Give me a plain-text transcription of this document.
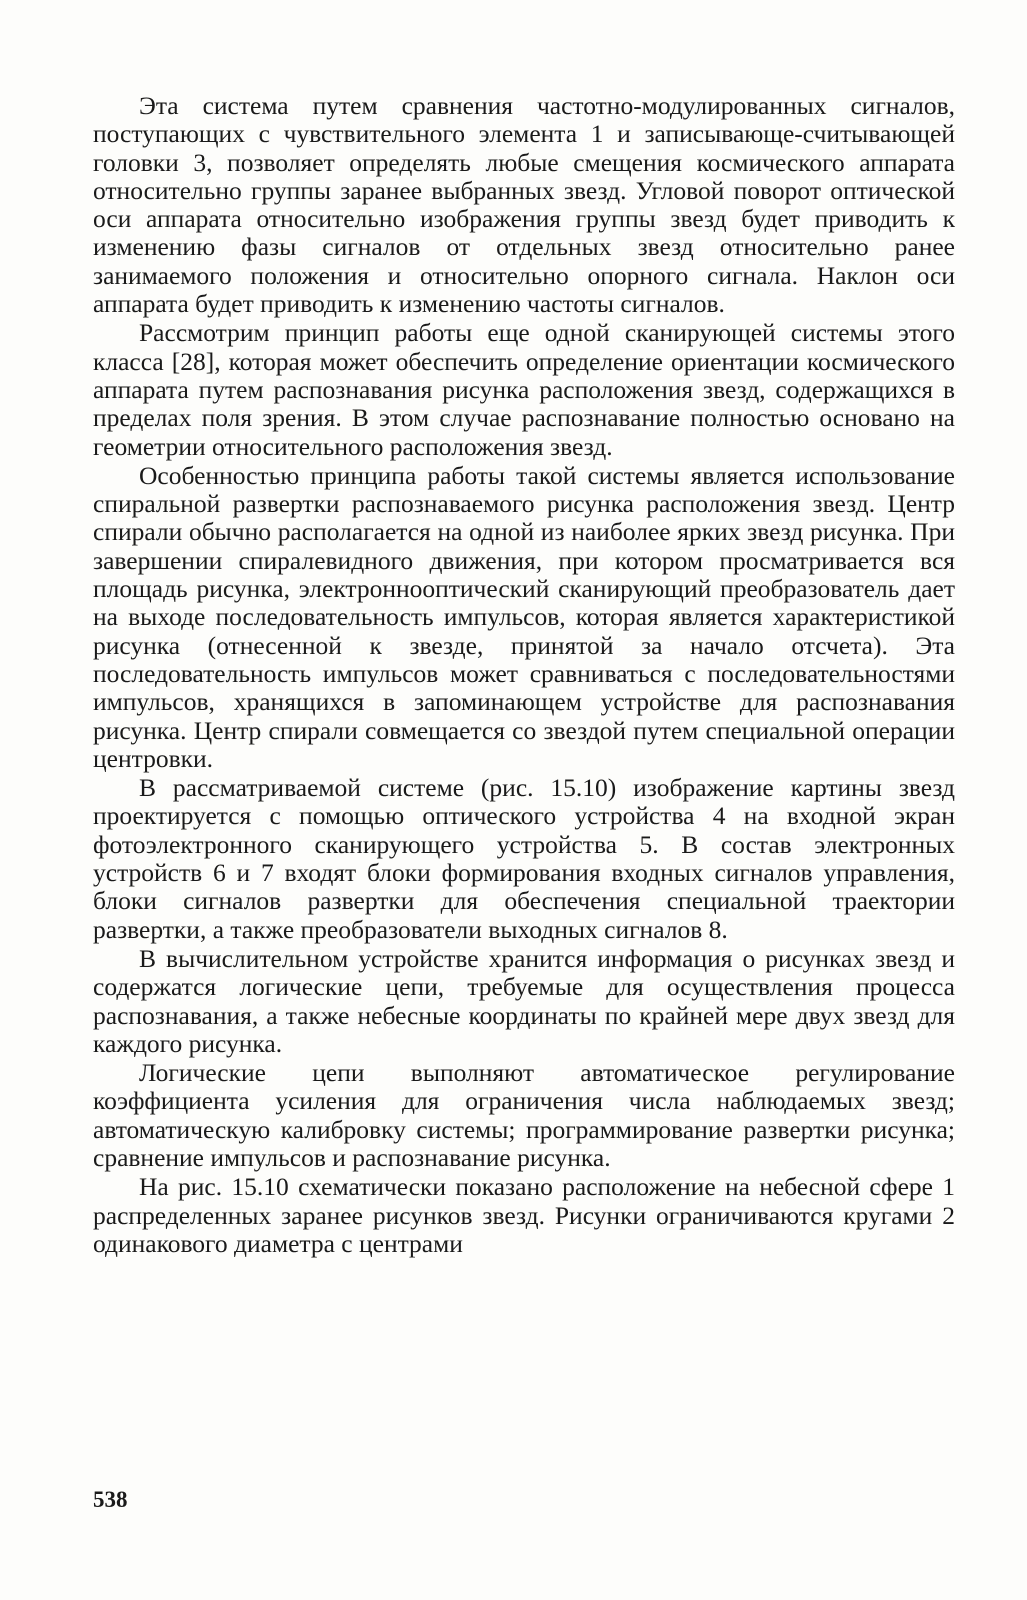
Эта система путем сравнения частотно-модулированных сигналов, поступающих с чувствительного элемента 1 и записывающе-считывающей головки 3, позволяет определять любые смещения космического аппарата относительно группы заранее выбранных звезд. Угловой поворот оптической оси аппарата относительно изображения группы звезд будет приводить к изменению фазы сигналов от отдельных звезд относительно ранее занимаемого положения и относительно опорного сигнала. Наклон оси аппарата будет приводить к изменению частоты сигналов.

Рассмотрим принцип работы еще одной сканирующей системы этого класса [28], которая может обеспечить определение ориентации космического аппарата путем распознавания рисунка расположения звезд, содержащихся в пределах поля зрения. В этом случае распознавание полностью основано на геометрии относительного расположения звезд.

Особенностью принципа работы такой системы является использование спиральной развертки распознаваемого рисунка расположения звезд. Центр спирали обычно располагается на одной из наиболее ярких звезд рисунка. При завершении спиралевидного движения, при котором просматривается вся площадь рисунка, электроннооптический сканирующий преобразователь дает на выходе последовательность импульсов, которая является характеристикой рисунка (отнесенной к звезде, принятой за начало отсчета). Эта последовательность импульсов может сравниваться с последовательностями импульсов, хранящихся в запоминающем устройстве для распознавания рисунка. Центр спирали совмещается со звездой путем специальной операции центровки.

В рассматриваемой системе (рис. 15.10) изображение картины звезд проектируется с помощью оптического устройства 4 на входной экран фотоэлектронного сканирующего устройства 5. В состав электронных устройств 6 и 7 входят блоки формирования входных сигналов управления, блоки сигналов развертки для обеспечения специальной траектории развертки, а также преобразователи выходных сигналов 8.

В вычислительном устройстве хранится информация о рисунках звезд и содержатся логические цепи, требуемые для осуществления процесса распознавания, а также небесные координаты по крайней мере двух звезд для каждого рисунка.

Логические цепи выполняют автоматическое регулирование коэффициента усиления для ограничения числа наблюдаемых звезд; автоматическую калибровку системы; программирование развертки рисунка; сравнение импульсов и распознавание рисунка.

На рис. 15.10 схематически показано расположение на небесной сфере 1 распределенных заранее рисунков звезд. Рисунки ограничиваются кругами 2 одинакового диаметра с центрами

538
